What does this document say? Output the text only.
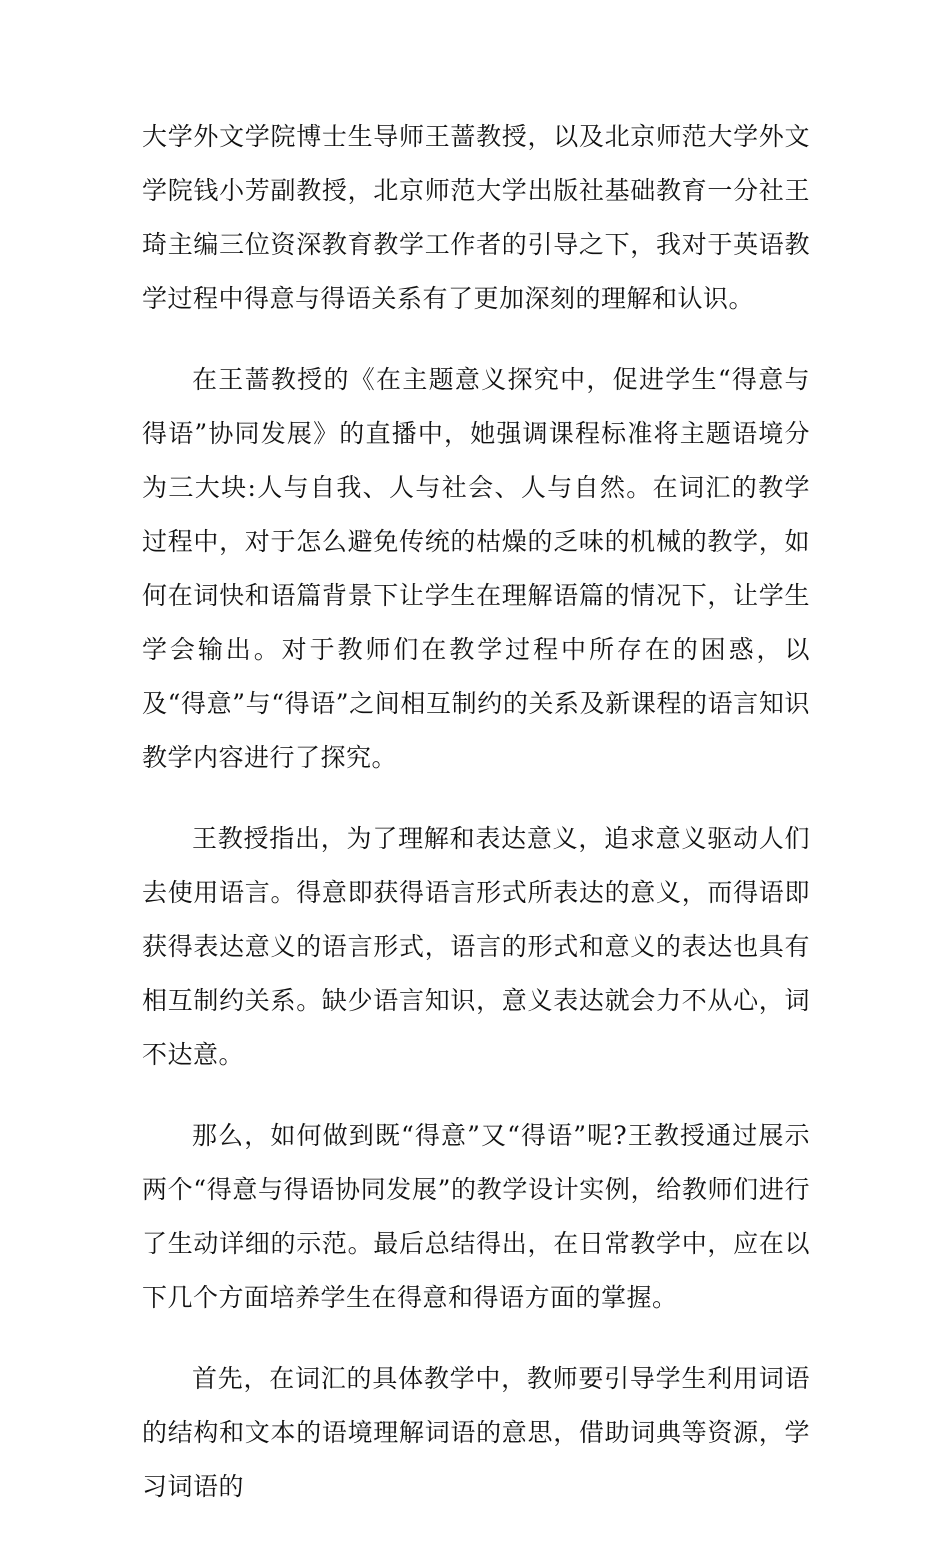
大学外文学院博士生导师王蔷教授，以及北京师范大学外文学院钱小芳副教授，北京师范大学出版社基础教育一分社王琦主编三位资深教育教学工作者的引导之下，我对于英语教学过程中得意与得语关系有了更加深刻的理解和认识。

在王蔷教授的《在主题意义探究中，促进学生“得意与得语”协同发展》的直播中，她强调课程标准将主题语境分为三大块:人与自我、人与社会、人与自然。在词汇的教学过程中，对于怎么避免传统的枯燥的乏味的机械的教学，如何在词快和语篇背景下让学生在理解语篇的情况下，让学生学会输出。对于教师们在教学过程中所存在的困惑，以及“得意”与“得语”之间相互制约的关系及新课程的语言知识教学内容进行了探究。

王教授指出，为了理解和表达意义，追求意义驱动人们去使用语言。得意即获得语言形式所表达的意义，而得语即获得表达意义的语言形式，语言的形式和意义的表达也具有相互制约关系。缺少语言知识，意义表达就会力不从心，词不达意。

那么，如何做到既“得意”又“得语”呢?王教授通过展示两个“得意与得语协同发展”的教学设计实例，给教师们进行了生动详细的示范。最后总结得出，在日常教学中，应在以下几个方面培养学生在得意和得语方面的掌握。

首先，在词汇的具体教学中，教师要引导学生利用词语的结构和文本的语境理解词语的意思，借助词典等资源，学习词语的
